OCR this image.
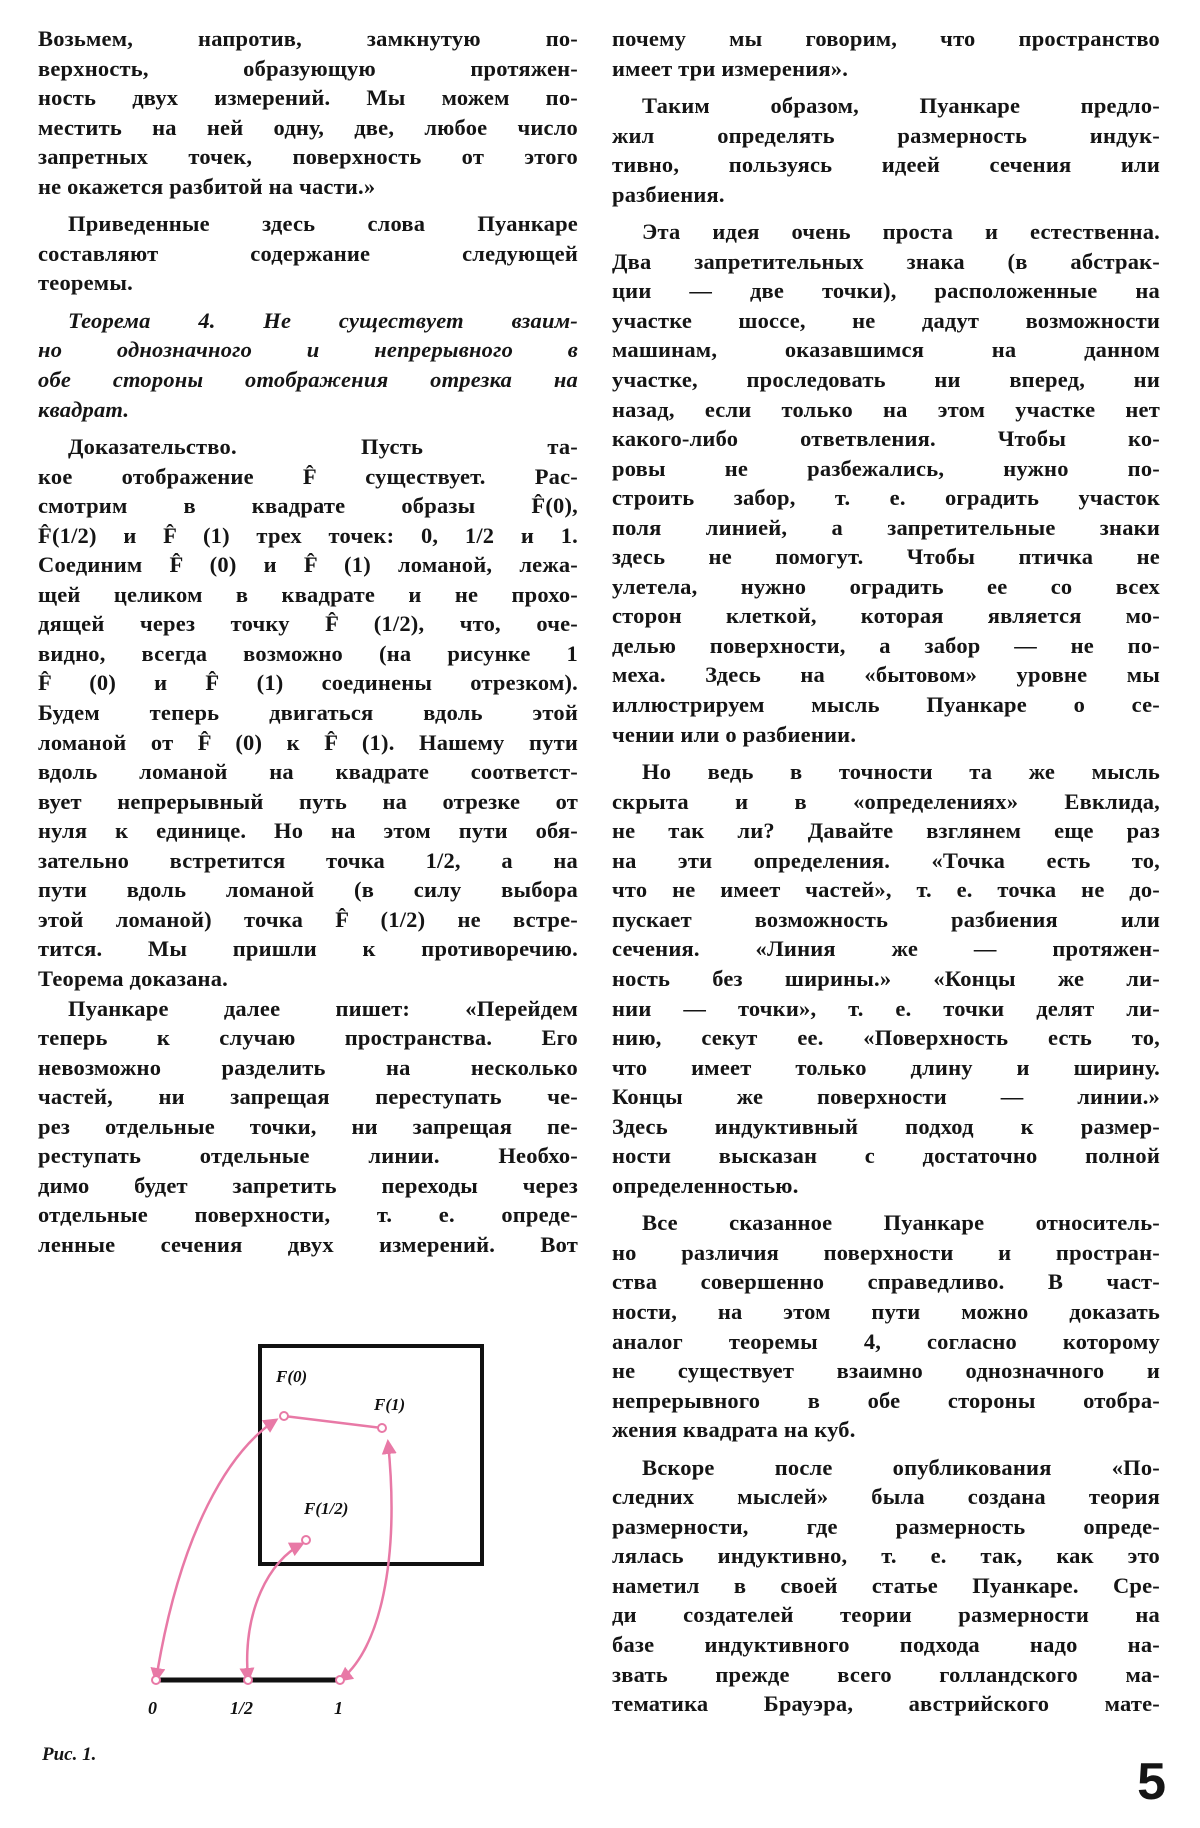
Возьмем, напротив, замкнутую по-
верхность, образующую протяжен-
ность двух измерений. Мы можем по-
местить на ней одну, две, любое число
запретных точек, поверхность от этого
не окажется разбитой на части.»
Приведенные здесь слова Пуанкаре
составляют содержание следующей
теоремы.
Теорема 4. Не существует взаим-
но однозначного и непрерывного в
обе стороны отображения отрезка на
квадрат.
Доказательство. Пусть та-
кое отображение F̂ существует. Рас-
смотрим в квадрате образы F̂(0),
F̂(1/2) и F̂ (1) трех точек: 0, 1/2 и 1.
Соединим F̂ (0) и F̂ (1) ломаной, лежа-
щей целиком в квадрате и не прохо-
дящей через точку F̂ (1/2), что, оче-
видно, всегда возможно (на рисунке 1
F̂ (0) и F̂ (1) соединены отрезком).
Будем теперь двигаться вдоль этой
ломаной от F̂ (0) к F̂ (1). Нашему пути
вдоль ломаной на квадрате соответст-
вует непрерывный путь на отрезке от
нуля к единице. Но на этом пути обя-
зательно встретится точка 1/2, а на
пути вдоль ломаной (в силу выбора
этой ломаной) точка F̂ (1/2) не встре-
тится. Мы пришли к противоречию.
Теорема доказана.
Пуанкаре далее пишет: «Перейдем
теперь к случаю пространства. Его
невозможно разделить на несколько
частей, ни запрещая переступать че-
рез отдельные точки, ни запрещая пе-
реступать отдельные линии. Необхо-
димо будет запретить переходы через
отдельные поверхности, т. е. опреде-
ленные сечения двух измерений. Вот
почему мы говорим, что пространство
имеет три измерения».
Таким образом, Пуанкаре предло-
жил определять размерность индук-
тивно, пользуясь идеей сечения или
разбиения.
Эта идея очень проста и естественна.
Два запретительных знака (в абстрак-
ции — две точки), расположенные на
участке шоссе, не дадут возможности
машинам, оказавшимся на данном
участке, проследовать ни вперед, ни
назад, если только на этом участке нет
какого-либо ответвления. Чтобы ко-
ровы не разбежались, нужно по-
строить забор, т. е. оградить участок
поля линией, а запретительные знаки
здесь не помогут. Чтобы птичка не
улетела, нужно оградить ее со всех
сторон клеткой, которая является мо-
делью поверхности, а забор — не по-
меха. Здесь на «бытовом» уровне мы
иллюстрируем мысль Пуанкаре о се-
чении или о разбиении.
Но ведь в точности та же мысль
скрыта и в «определениях» Евклида,
не так ли? Давайте взглянем еще раз
на эти определения. «Точка есть то,
что не имеет частей», т. е. точка не до-
пускает возможность разбиения или
сечения. «Линия же — протяжен-
ность без ширины.» «Концы же ли-
нии — точки», т. е. точки делят ли-
нию, секут ее. «Поверхность есть то,
что имеет только длину и ширину.
Концы же поверхности — линии.»
Здесь индуктивный подход к размер-
ности высказан с достаточно полной
определенностью.
Все сказанное Пуанкаре относитель-
но различия поверхности и простран-
ства совершенно справедливо. В част-
ности, на этом пути можно доказать
аналог теоремы 4, согласно которому
не существует взаимно однозначного и
непрерывного в обе стороны отобра-
жения квадрата на куб.
Вскоре после опубликования «По-
следних мыслей» была создана теория
размерности, где размерность опреде-
лялась индуктивно, т. е. так, как это
наметил в своей статье Пуанкаре. Сре-
ди создателей теории размерности на
базе индуктивного подхода надо на-
звать прежде всего голландского ма-
тематика Брауэра, австрийского мате-
F(0)
F(1)
F(1/2)
0	1/2	1
Рис. 1.	5
